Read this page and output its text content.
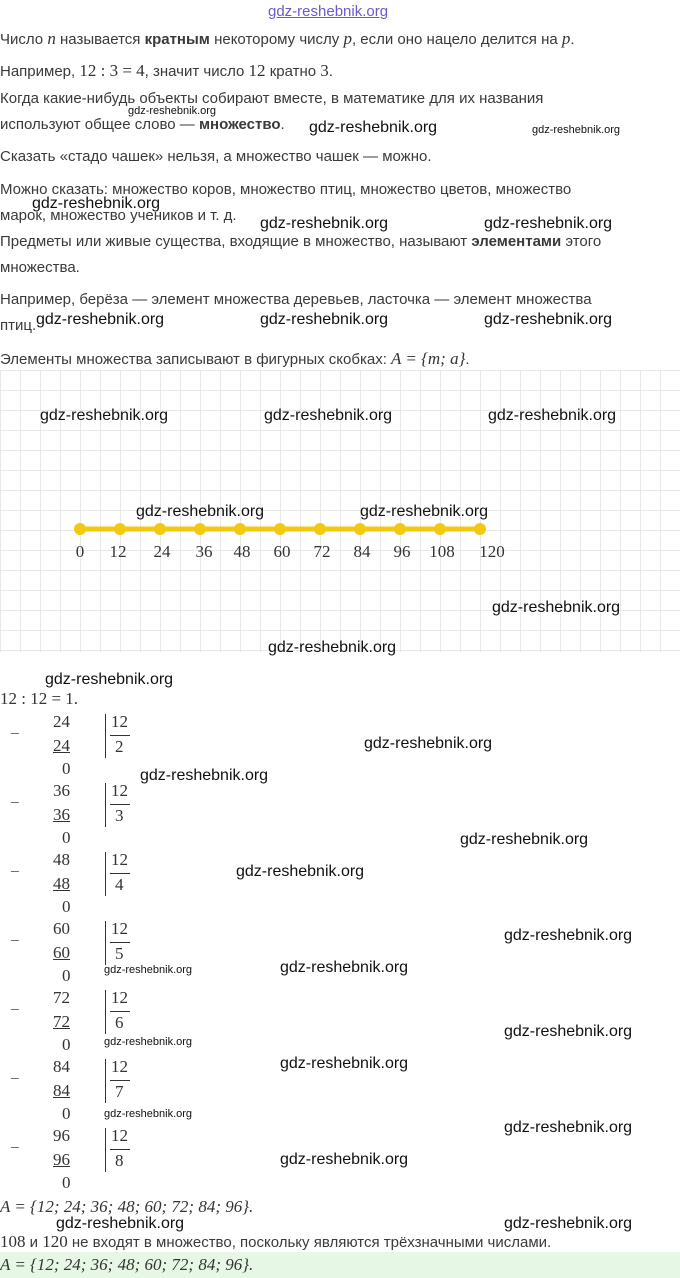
gdz-reshebnik.org
Число n называется кратным некоторому числу p, если оно нацело делится на p.
Например, 12 : 3 = 4, значит число 12 кратно 3.
Когда какие-нибудь объекты собирают вместе, в математике для их названия
используют общее слово — множество.
gdz-reshebnik.org
gdz-reshebnik.org	gdz-reshebnik.org
Сказать «стадо чашек» нельзя, а множество чашек — можно.
Можно сказать: множество коров, множество птиц, множество цветов, множество
марок, множество учеников и т. д.
gdz-reshebnik.org
gdz-reshebnik.org	gdz-reshebnik.org
Предметы или живые существа, входящие в множество, называют элементами этого
множества.
Например, берёза — элемент множества деревьев, ласточка — элемент множества
птиц. gdz-reshebnik.org	gdz-reshebnik.org	gdz-reshebnik.org
Элементы множества записывают в фигурных скобках: A = {m; a}.
0 12 24 36 48 60 72 84 96 108 120
gdz-reshebnik.org	gdz-reshebnik.org	gdz-reshebnik.org
gdz-reshebnik.org	gdz-reshebnik.org
gdz-reshebnik.org
gdz-reshebnik.org
gdz-reshebnik.org
12 : 12 = 1.
−
24
24
0
12
2
−
36
36
0
12
3
−
48
48
0
12
4
−
60
60
0
12
5
−
72
72
0
12
6
−
84
84
0
12
7
−
96
96
0
12
8
gdz-reshebnik.org
gdz-reshebnik.org
gdz-reshebnik.org
gdz-reshebnik.org
gdz-reshebnik.org
gdz-reshebnik.org	gdz-reshebnik.org
gdz-reshebnik.org
gdz-reshebnik.org
gdz-reshebnik.org
gdz-reshebnik.org
gdz-reshebnik.org
gdz-reshebnik.org
A = {12; 24; 36; 48; 60; 72; 84; 96}.
gdz-reshebnik.org	gdz-reshebnik.org
108 и 120 не входят в множество, поскольку являются трёхзначными числами.
A = {12; 24; 36; 48; 60; 72; 84; 96}.
